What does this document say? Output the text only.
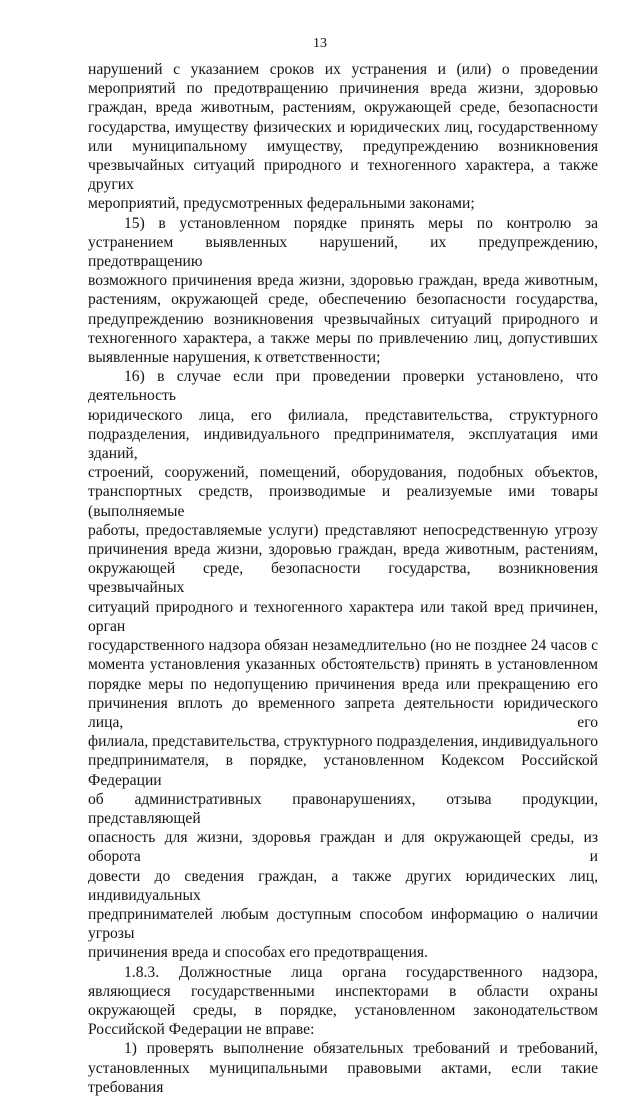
13

нарушений с указанием сроков их устранения и (или) о проведении

мероприятий по предотвращению причинения вреда жизни, здоровью

граждан, вреда животным, растениям, окружающей среде, безопасности

государства, имуществу физических и юридических лиц, государственному

или муниципальному имуществу, предупреждению возникновения

чрезвычайных ситуаций природного и техногенного характера, а также других

мероприятий, предусмотренных федеральными законами;

15) в установленном порядке принять меры по контролю за

устранением выявленных нарушений, их предупреждению, предотвращению

возможного причинения вреда жизни, здоровью граждан, вреда животным,

растениям, окружающей среде, обеспечению безопасности государства,

предупреждению возникновения чрезвычайных ситуаций природного и

техногенного характера, а также меры по привлечению лиц, допустивших

выявленные нарушения, к ответственности;

16) в случае если при проведении проверки установлено, что деятельность

юридического лица, его филиала, представительства, структурного

подразделения, индивидуального предпринимателя, эксплуатация ими зданий,

строений, сооружений, помещений, оборудования, подобных объектов,

транспортных средств, производимые и реализуемые ими товары (выполняемые

работы, предоставляемые услуги) представляют непосредственную угрозу

причинения вреда жизни, здоровью граждан, вреда животным, растениям,

окружающей среде, безопасности государства, возникновения чрезвычайных

ситуаций природного и техногенного характера или такой вред причинен, орган

государственного надзора обязан незамедлительно (но не позднее 24 часов с

момента установления указанных обстоятельств) принять в установленном

порядке меры по недопущению причинения вреда или прекращению его

причинения вплоть до временного запрета деятельности юридического лица, его

филиала, представительства, структурного подразделения, индивидуального

предпринимателя, в порядке, установленном Кодексом Российской Федерации

об административных правонарушениях, отзыва продукции, представляющей

опасность для жизни, здоровья граждан и для окружающей среды, из оборота и

довести до сведения граждан, а также других юридических лиц, индивидуальных

предпринимателей любым доступным способом информацию о наличии угрозы

причинения вреда и способах его предотвращения.

1.8.3. Должностные лица органа государственного надзора,

являющиеся государственными инспекторами в области охраны

окружающей среды, в порядке, установленном законодательством

Российской Федерации не вправе:

1) проверять выполнение обязательных требований и требований,

установленных муниципальными правовыми актами, если такие требования
